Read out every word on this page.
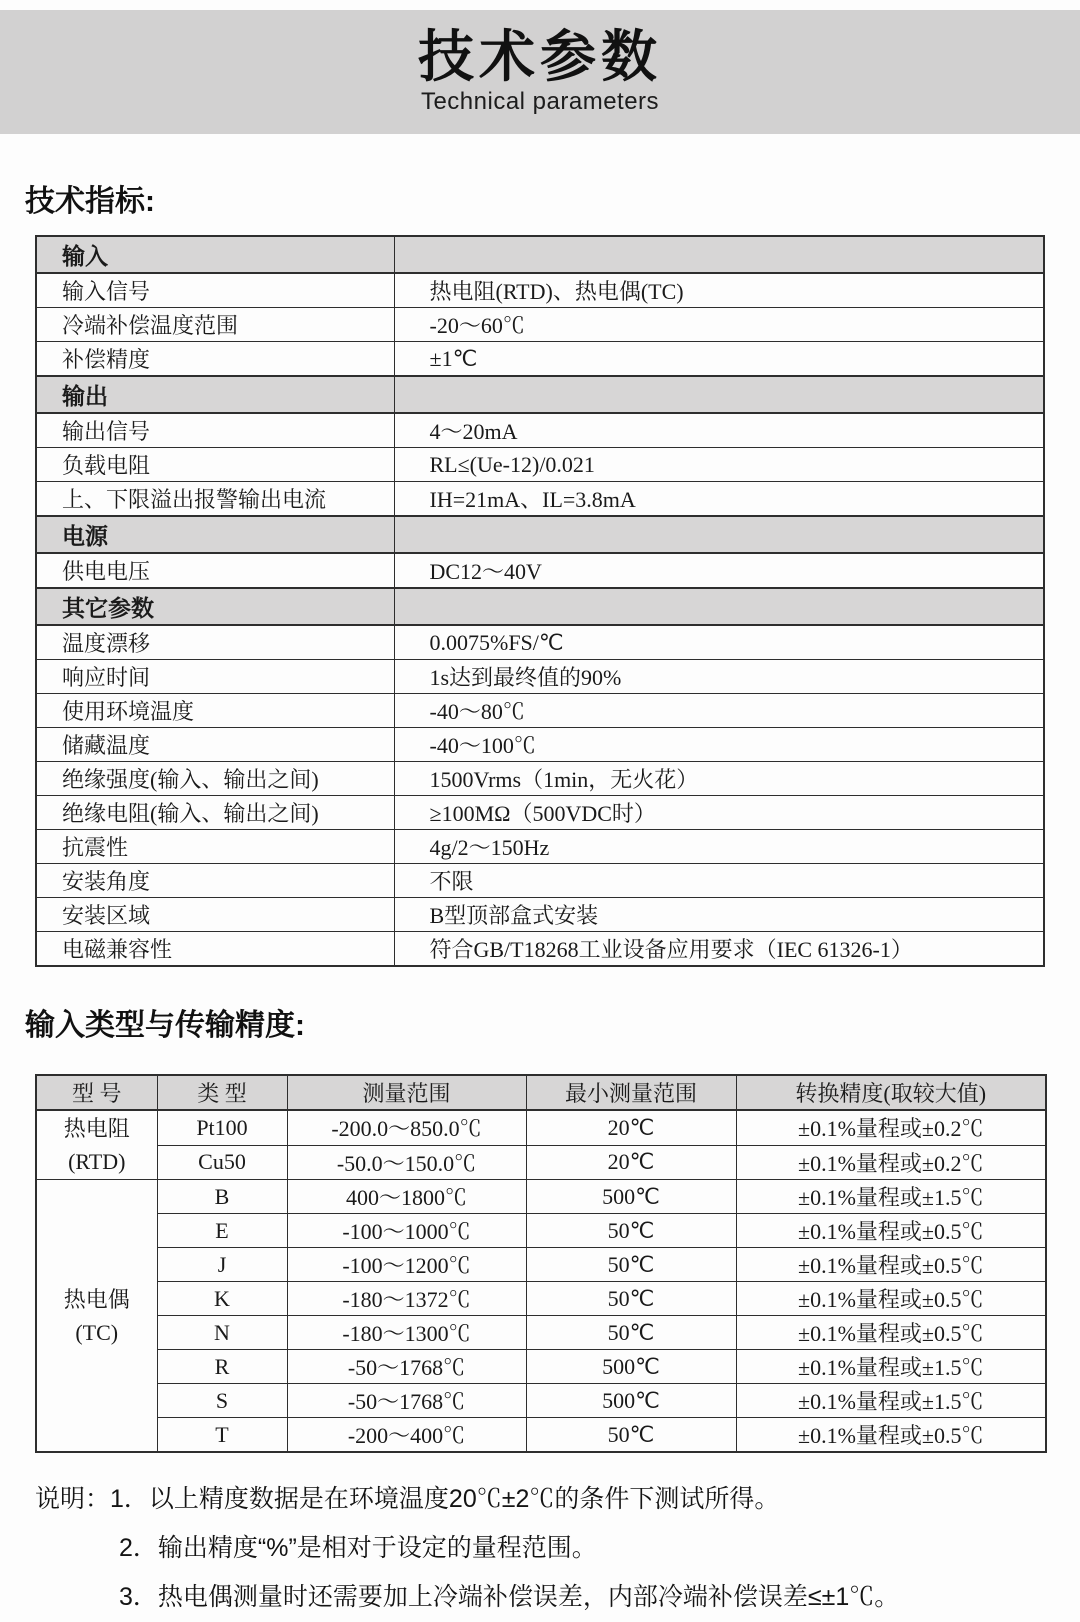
技术参数
Technical parameters
技术指标:
输入	
输入信号	热电阻(RTD)、热电偶(TC)
冷端补偿温度范围	-20～60℃
补偿精度	±1℃
输出	
输出信号	4～20mA
负载电阻	RL≤(Ue-12)/0.021
上、下限溢出报警输出电流	IH=21mA、IL=3.8mA
电源	
供电电压	DC12～40V
其它参数	
温度漂移	0.0075%FS/℃
响应时间	1s达到最终值的90%
使用环境温度	-40～80℃
储藏温度	-40～100℃
绝缘强度(输入、输出之间)	1500Vrms（1min，无火花）
绝缘电阻(输入、输出之间)	≥100MΩ（500VDC时）
抗震性	4g/2～150Hz
安装角度	不限
安装区域	B型顶部盒式安装
电磁兼容性	符合GB/T18268工业设备应用要求（IEC 61326-1）
输入类型与传输精度:
型 号	类 型	测量范围	最小测量范围	转换精度(取较大值)

热电阻
(RTD)	Pt100	-200.0～850.0℃	20℃	±0.1%量程或±0.2℃
	Cu50	-50.0～150.0℃	20℃	±0.1%量程或±0.2℃

热电偶
(TC)	B	400～1800℃	500℃	±0.1%量程或±1.5℃
	E	-100～1000℃	50℃	±0.1%量程或±0.5℃
	J	-100～1200℃	50℃	±0.1%量程或±0.5℃
	K	-180～1372℃	50℃	±0.1%量程或±0.5℃
	N	-180～1300℃	50℃	±0.1%量程或±0.5℃
	R	-50～1768℃	500℃	±0.1%量程或±1.5℃
	S	-50～1768℃	500℃	±0.1%量程或±1.5℃
	T	-200～400℃	50℃	±0.1%量程或±0.5℃
说明：1．以上精度数据是在环境温度20℃±2℃的条件下测试所得。
2．输出精度“%”是相对于设定的量程范围。
3．热电偶测量时还需要加上冷端补偿误差，内部冷端补偿误差≤±1℃。
